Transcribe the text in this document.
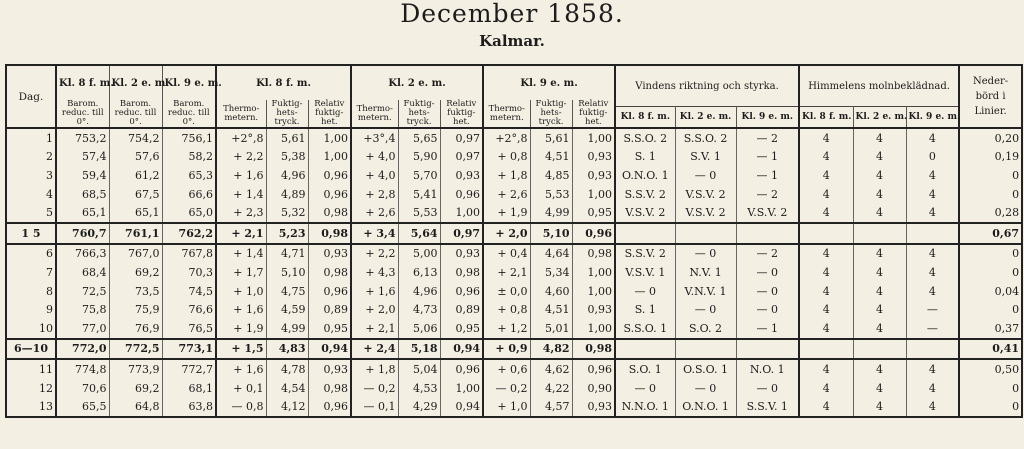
December 1858.
Kalmar.
Dag.	Kl. 8 f. m.	Kl. 2 e. m.	Kl. 9 e. m.	Kl. 8 f. m.			Kl. 2 e. m.			Kl. 9 e. m.			Vindens riktning och styrka.			Himmelens molnbeklädnad.			Neder-börd i Linier.
	Barom. reduc. till 0°.	Barom. reduc. till 0°.	Barom. reduc. till 0°.	Thermo-metern.	Fuktig-hets-tryck.	Relativ fuktig-het.	Thermo-metern.	Fuktig-hets-tryck.	Relativ fuktig-het.	Thermo-metern.	Fuktig-hets-tryck.	Relativ fuktig-het.							
													Kl. 8 f. m.	Kl. 2 e. m.	Kl. 9 e. m.	Kl. 8 f. m.	Kl. 2 e. m.	Kl. 9 e. m.	
1	753,2	754,2	756,1	+2°,8	5,61	1,00	+3°,4	5,65	0,97	+2°,8	5,61	1,00	S.S.O. 2	S.S.O. 2	— 2	4	4	4	0,20
2	57,4	57,6	58,2	+ 2,2	5,38	1,00	+ 4,0	5,90	0,97	+ 0,8	4,51	0,93	S. 1	S.V. 1	— 1	4	4	0	0,19
3	59,4	61,2	65,3	+ 1,6	4,96	0,96	+ 4,0	5,70	0,93	+ 1,8	4,85	0,93	O.N.O. 1	— 0	— 1	4	4	4	0
4	68,5	67,5	66,6	+ 1,4	4,89	0,96	+ 2,8	5,41	0,96	+ 2,6	5,53	1,00	S.S.V. 2	V.S.V. 2	— 2	4	4	4	0
5	65,1	65,1	65,0	+ 2,3	5,32	0,98	+ 2,6	5,53	1,00	+ 1,9	4,99	0,95	V.S.V. 2	V.S.V. 2	V.S.V. 2	4	4	4	0,28
1 5	760,7	761,1	762,2	+ 2,1	5,23	0,98	+ 3,4	5,64	0,97	+ 2,0	5,10	0,96							0,67
6	766,3	767,0	767,8	+ 1,4	4,71	0,93	+ 2,2	5,00	0,93	+ 0,4	4,64	0,98	S.S.V. 2	— 0	— 2	4	4	4	0
7	68,4	69,2	70,3	+ 1,7	5,10	0,98	+ 4,3	6,13	0,98	+ 2,1	5,34	1,00	V.S.V. 1	N.V. 1	— 0	4	4	4	0
8	72,5	73,5	74,5	+ 1,0	4,75	0,96	+ 1,6	4,96	0,96	± 0,0	4,60	1,00	— 0	V.N.V. 1	— 0	4	4	4	0,04
9	75,8	75,9	76,6	+ 1,6	4,59	0,89	+ 2,0	4,73	0,89	+ 0,8	4,51	0,93	S. 1	— 0	— 0	4	4	—	0
10	77,0	76,9	76,5	+ 1,9	4,99	0,95	+ 2,1	5,06	0,95	+ 1,2	5,01	1,00	S.S.O. 1	S.O. 2	— 1	4	4	—	0,37
6—10	772,0	772,5	773,1	+ 1,5	4,83	0,94	+ 2,4	5,18	0,94	+ 0,9	4,82	0,98							0,41
11	774,8	773,9	772,7	+ 1,6	4,78	0,93	+ 1,8	5,04	0,96	+ 0,6	4,62	0,96	S.O. 1	O.S.O. 1	N.O. 1	4	4	4	0,50
12	70,6	69,2	68,1	+ 0,1	4,54	0,98	— 0,2	4,53	1,00	— 0,2	4,22	0,90	— 0	— 0	— 0	4	4	4	0
13	65,5	64,8	63,8	— 0,8	4,12	0,96	— 0,1	4,29	0,94	+ 1,0	4,57	0,93	N.N.O. 1	O.N.O. 1	S.S.V. 1	4	4	4	0
